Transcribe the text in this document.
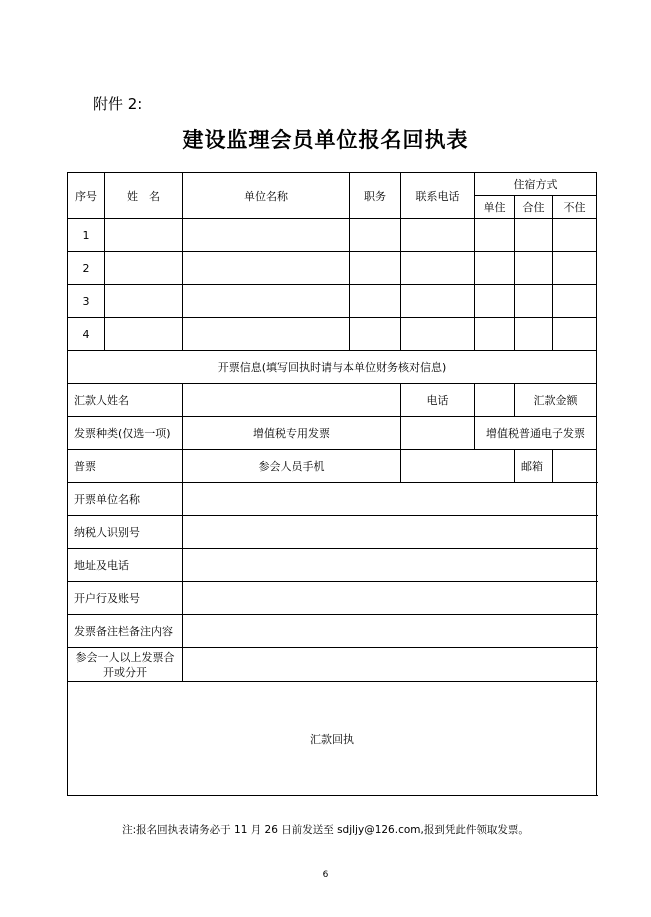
附件 2:
建设监理会员单位报名回执表
序号	姓　名	单位名称	职务	联系电话	住宿方式			
					单住	合住	不住	
1								
2								
3								
4								
开票信息(填写回执时请与本单位财务核对信息)								
汇款人姓名				电话		汇款金额		
发票种类(仅选一项)		增值税专用发票			增值税普通电子发票			
普票		参会人员手机				邮箱		
开票单位名称								
纳税人识别号								
地址及电话								
开户行及账号								
发票备注栏备注内容								
参会一人以上发票合开或分开								
汇款回执								
注:报名回执表请务必于 11 月 26 日前发送至 sdjljy@126.com,报到凭此件领取发票。
6
